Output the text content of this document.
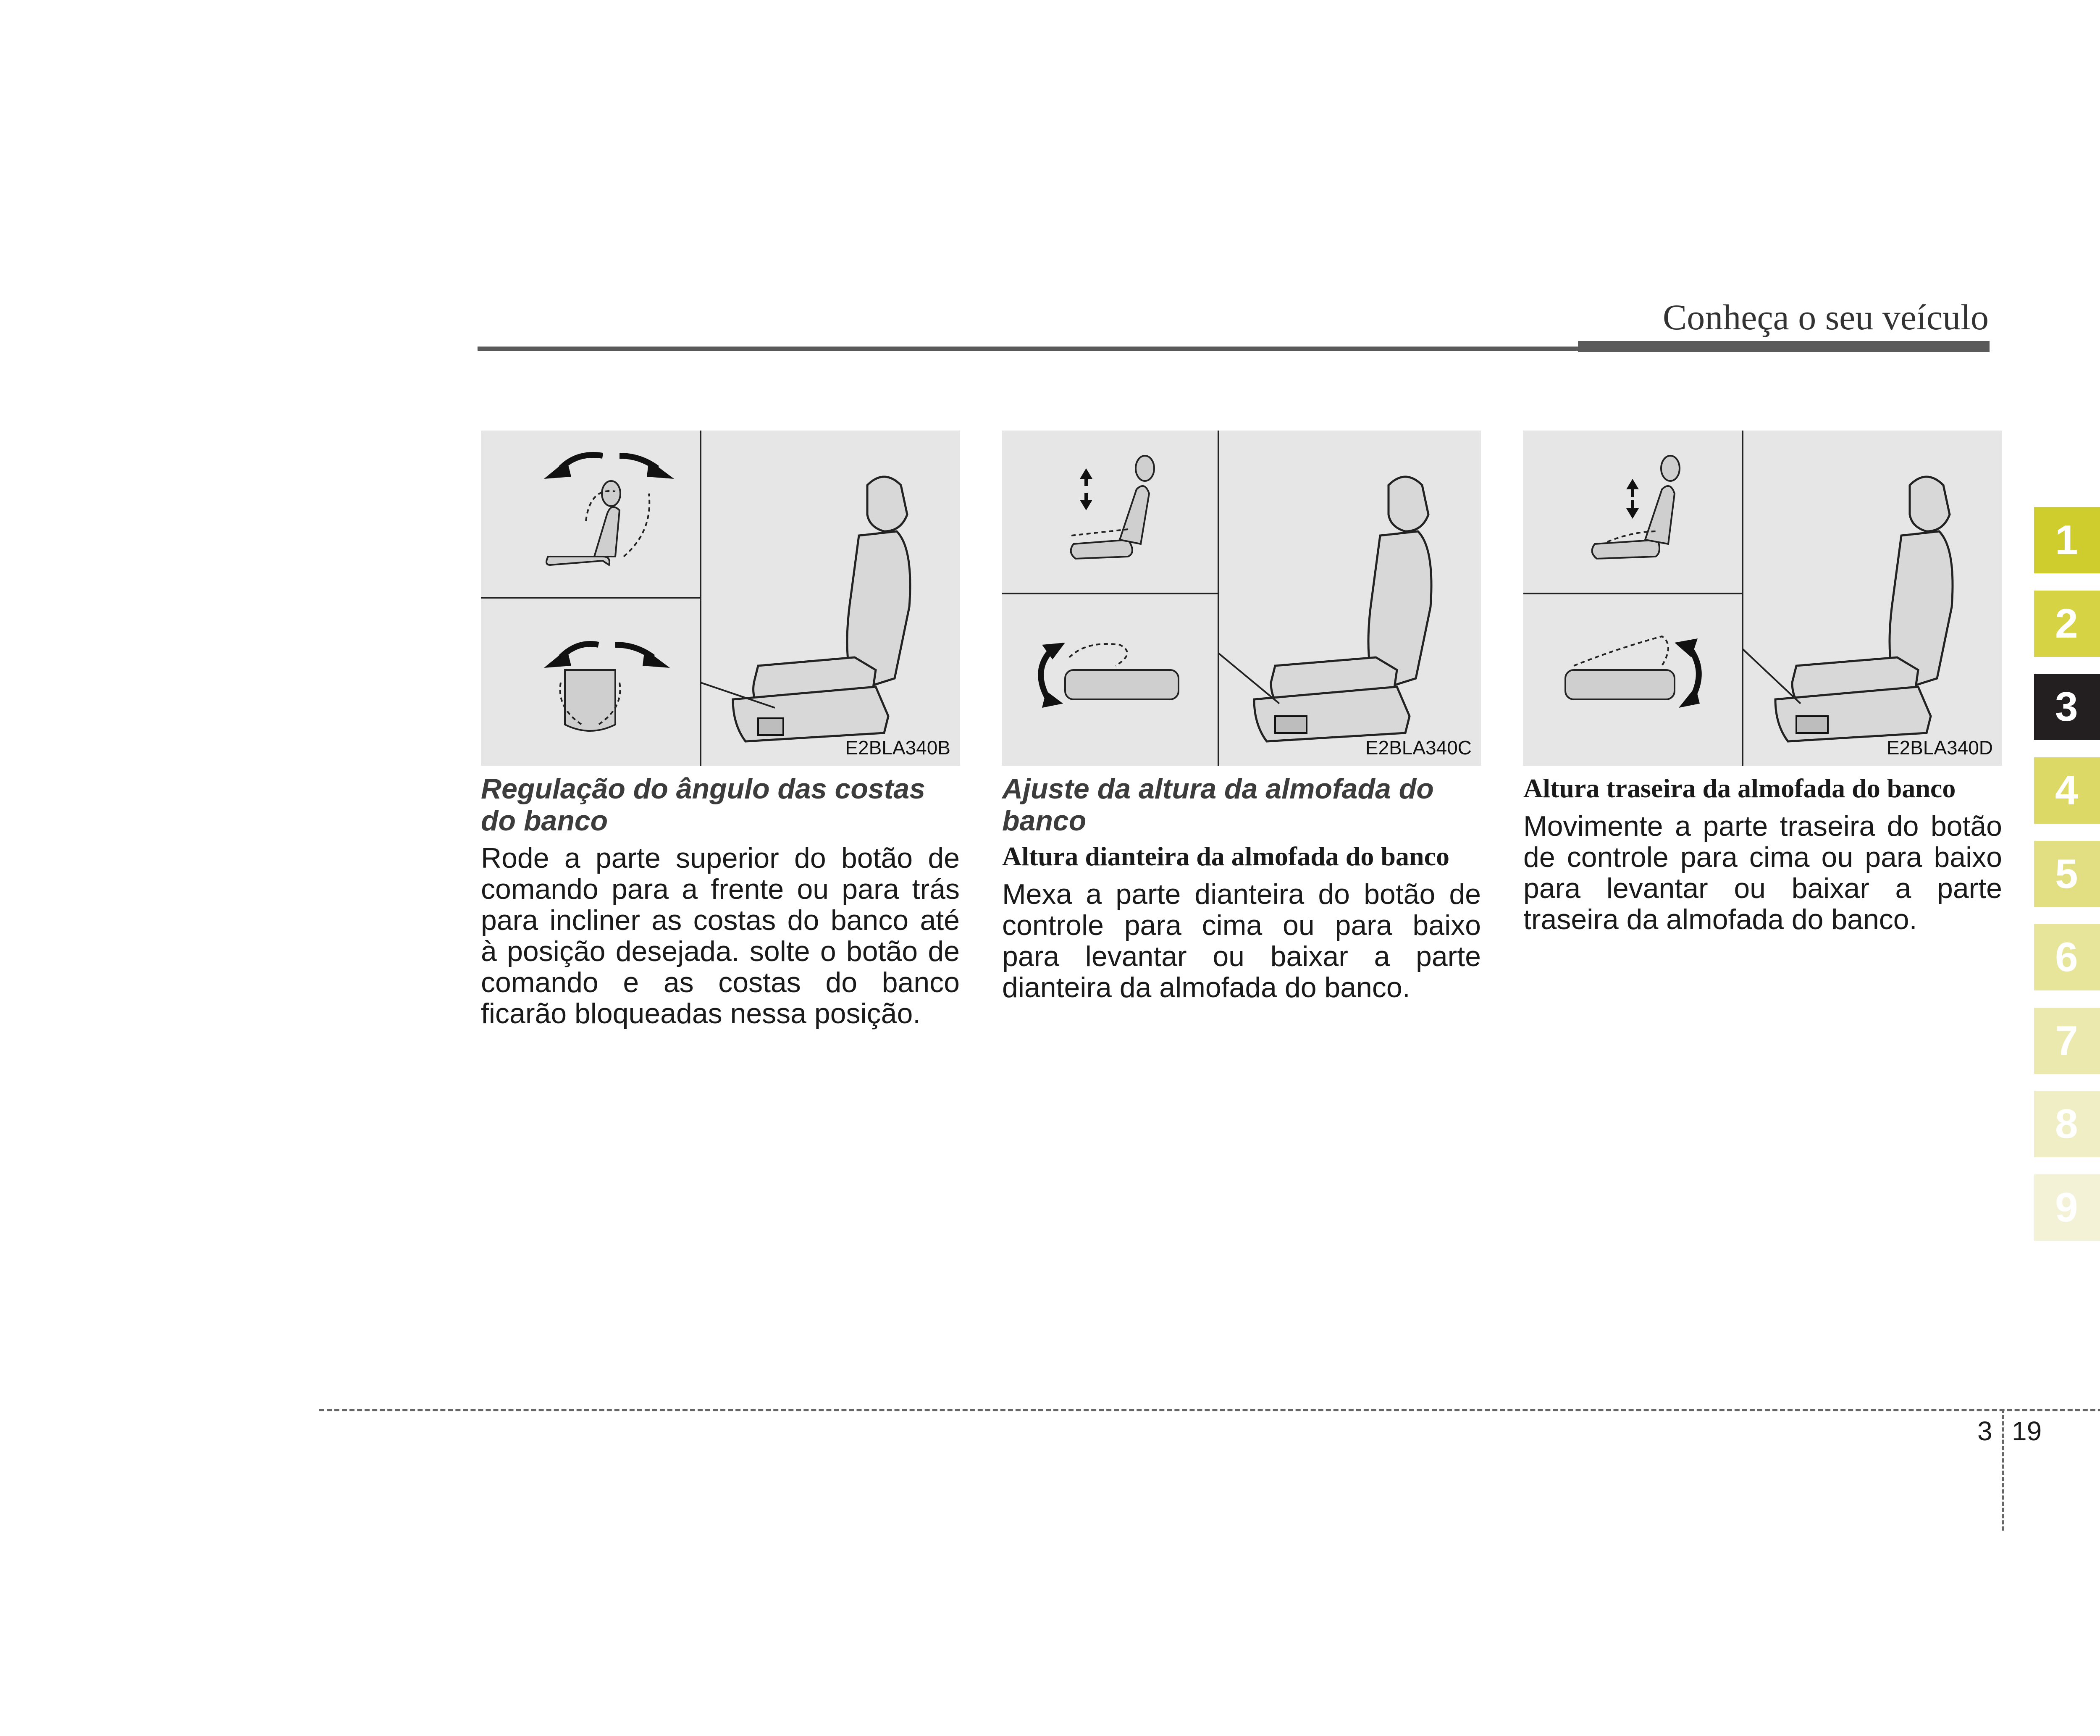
Conheça o seu veículo
E2BLA340B	E2BLA340C	E2BLA340D

Regulação do ângulo das costas do banco

Rode a parte superior do botão de comando para a frente ou para trás para incliner as costas do banco até à posição desejada. solte o botão de comando e as costas do banco ficarão bloqueadas nessa posição.

Ajuste da altura da almofada do banco

Altura dianteira da almofada do banco

Mexa a parte dianteira do botão de controle para cima ou para baixo para levantar ou baixar a parte dianteira da almofada do banco.

Altura traseira da almofada do banco

Movimente a parte traseira do botão de controle para cima ou para baixo para levantar ou baixar a parte traseira da almofada do banco.

1
2
3
4
5
6
7
8
9
3 19
